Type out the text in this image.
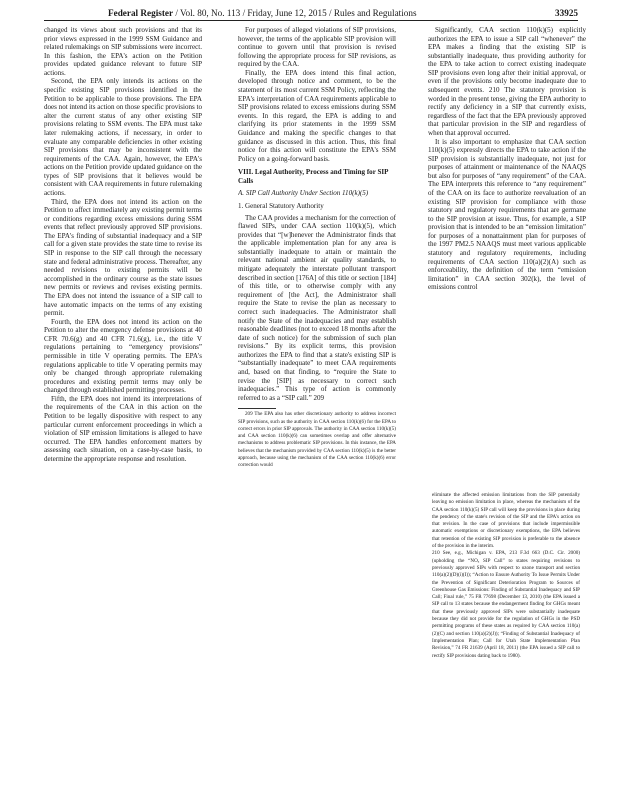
Federal Register / Vol. 80, No. 113 / Friday, June 12, 2015 / Rules and Regulations	33925

changed its views about such provisions and that its prior views expressed in the 1999 SSM Guidance and related rulemakings on SIP submissions were incorrect. In this fashion, the EPA's action on the Petition provides updated guidance relevant to future SIP actions.

Second, the EPA only intends its actions on the specific existing SIP provisions identified in the Petition to be applicable to those provisions. The EPA does not intend its action on those specific provisions to alter the current status of any other existing SIP provisions relating to SSM events. The EPA must take later rulemaking actions, if necessary, in order to evaluate any comparable deficiencies in other existing SIP provisions that may be inconsistent with the requirements of the CAA. Again, however, the EPA's actions on the Petition provide updated guidance on the types of SIP provisions that it believes would be consistent with CAA requirements in future rulemaking actions.

Third, the EPA does not intend its action on the Petition to affect immediately any existing permit terms or conditions regarding excess emissions during SSM events that reflect previously approved SIP provisions. The EPA's finding of substantial inadequacy and a SIP call for a given state provides the state time to revise its SIP in response to the SIP call through the necessary state and federal administrative process. Thereafter, any needed revisions to existing permits will be accomplished in the ordinary course as the state issues new permits or reviews and revises existing permits. The EPA does not intend the issuance of a SIP call to have automatic impacts on the terms of any existing permit.

Fourth, the EPA does not intend its action on the Petition to alter the emergency defense provisions at 40 CFR 70.6(g) and 40 CFR 71.6(g), i.e., the title V regulations pertaining to “emergency provisions” permissible in title V operating permits. The EPA's regulations applicable to title V operating permits may only be changed through appropriate rulemaking procedures and existing permit terms may only be changed through established permitting processes.

Fifth, the EPA does not intend its interpretations of the requirements of the CAA in this action on the Petition to be legally dispositive with respect to any particular current enforcement proceedings in which a violation of SIP emission limitations is alleged to have occurred. The EPA handles enforcement matters by assessing each situation, on a case-by-case basis, to determine the appropriate response and resolution.

For purposes of alleged violations of SIP provisions, however, the terms of the applicable SIP provision will continue to govern until that provision is revised following the appropriate process for SIP revisions, as required by the CAA.

Finally, the EPA does intend this final action, developed through notice and comment, to be the statement of its most current SSM Policy, reflecting the EPA's interpretation of CAA requirements applicable to SIP provisions related to excess emissions during SSM events. In this regard, the EPA is adding to and clarifying its prior statements in the 1999 SSM Guidance and making the specific changes to that guidance as discussed in this action. Thus, this final notice for this action will constitute the EPA's SSM Policy on a going-forward basis.

VIII. Legal Authority, Process and Timing for SIP Calls
A. SIP Call Authority Under Section 110(k)(5)
1. General Statutory Authority

The CAA provides a mechanism for the correction of flawed SIPs, under CAA section 110(k)(5), which provides that “[w]henever the Administrator finds that the applicable implementation plan for any area is substantially inadequate to attain or maintain the relevant national ambient air quality standards, to mitigate adequately the interstate pollutant transport described in section [176A] of this title or section [184] of this title, or to otherwise comply with any requirement of [the Act], the Administrator shall require the State to revise the plan as necessary to correct such inadequacies. The Administrator shall notify the State of the inadequacies and may establish reasonable deadlines (not to exceed 18 months after the date of such notice) for the submission of such plan revisions.” By its explicit terms, this provision authorizes the EPA to find that a state's existing SIP is “substantially inadequate” to meet CAA requirements and, based on that finding, to “require the State to revise the [SIP] as necessary to correct such inadequacies.” This type of action is commonly referred to as a “SIP call.” 209

209 The EPA also has other discretionary authority to address incorrect SIP provisions, such as the authority in CAA section 110(k)(6) for the EPA to correct errors in prior SIP approvals. The authority in CAA section 110(k)(5) and CAA section 110(k)(6) can sometimes overlap and offer alternative mechanisms to address problematic SIP provisions. In this instance, the EPA believes that the mechanism provided by CAA section 110(k)(5) is the better approach, because using the mechanism of the CAA section 110(k)(6) error correction would

Significantly, CAA section 110(k)(5) explicitly authorizes the EPA to issue a SIP call “whenever” the EPA makes a finding that the existing SIP is substantially inadequate, thus providing authority for the EPA to take action to correct existing inadequate SIP provisions even long after their initial approval, or even if the provisions only become inadequate due to subsequent events. 210 The statutory provision is worded in the present tense, giving the EPA authority to rectify any deficiency in a SIP that currently exists, regardless of the fact that the EPA previously approved that particular provision in the SIP and regardless of when that approval occurred.

It is also important to emphasize that CAA section 110(k)(5) expressly directs the EPA to take action if the SIP provision is substantially inadequate, not just for purposes of attainment or maintenance of the NAAQS but also for purposes of “any requirement” of the CAA. The EPA interprets this reference to “any requirement” of the CAA on its face to authorize reevaluation of an existing SIP provision for compliance with those statutory and regulatory requirements that are germane to the SIP provision at issue. Thus, for example, a SIP provision that is intended to be an “emission limitation” for purposes of a nonattainment plan for purposes of the 1997 PM2.5 NAAQS must meet various applicable statutory and regulatory requirements, including requirements of CAA section 110(a)(2)(A) such as enforceability, the definition of the term “emission limitation” in CAA section 302(k), the level of emissions control

eliminate the affected emission limitations from the SIP potentially leaving no emission limitation in place, whereas the mechanism of the CAA section 110(k)(5) SIP call will keep the provisions in place during the pendency of the state's revision of the SIP and the EPA's action on that revision. In the case of provisions that include impermissible automatic exemptions or discretionary exemptions, the EPA believes that retention of the existing SIP provision is preferable to the absence of the provision in the interim.

210 See, e.g., Michigan v. EPA, 213 F.3d 663 (D.C. Cir. 2000) (upholding the “NOₓ SIP Call” to states requiring revisions to previously approved SIPs with respect to ozone transport and section 110(a)(2)(D)(i)(I)); “Action to Ensure Authority To Issue Permits Under the Prevention of Significant Deterioration Program to Sources of Greenhouse Gas Emissions: Finding of Substantial Inadequacy and SIP Call; Final rule,” 75 FR 77698 (December 13, 2010) (the EPA issued a SIP call to 13 states because the endangerment finding for GHGs meant that these previously approved SIPs were substantially inadequate because they did not provide for the regulation of GHGs in the PSD permitting programs of these states as required by CAA section 110(a)(2)(C) and section 110(a)(2)(J)); “Finding of Substantial Inadequacy of Implementation Plan; Call for Utah State Implementation Plan Revision,” 74 FR 21639 (April 18, 2011) (the EPA issued a SIP call to rectify SIP provisions dating back to 1980).
